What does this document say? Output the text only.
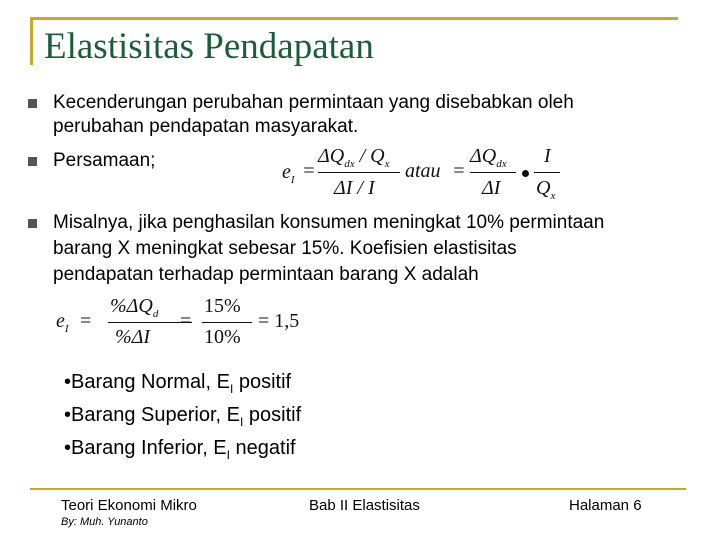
Elastisitas Pendapatan
Kecenderungan perubahan permintaan yang disebabkan oleh
perubahan pendapatan masyarakat.
Persamaan;
$e_I$ =
$\Delta Q_{dx} / Q_x$
ΔI / I
atau =
$\Delta Q_{dx}$
ΔI
I
$Q_x$
Misalnya, jika penghasilan konsumen meningkat 10% permintaan
barang X meningkat sebesar 15%. Koefisien elastisitas
pendapatan terhadap permintaan barang X adalah
$e_I$ =
$\%\Delta Q_d$
%ΔI
=
15%
10%
= 1,5
•Barang Normal, $E_I$ positif
•Barang Superior, $E_I$ positif
•Barang Inferior, $E_I$ negatif
Teori Ekonomi Mikro	Bab II Elastisitas	Halaman 6
By: Muh. Yunanto
